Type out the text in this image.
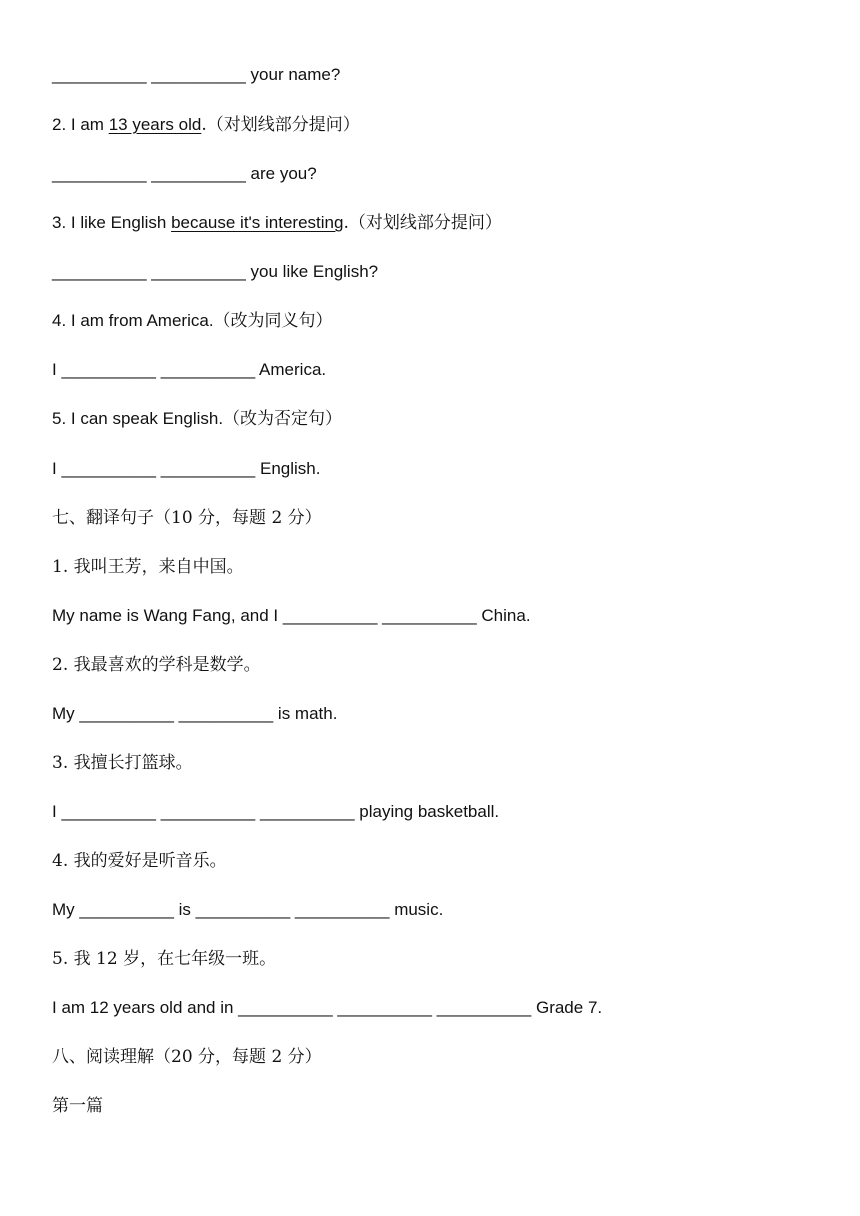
__________ __________ your name?
2. I am 13 years old.（对划线部分提问）
__________ __________ are you?
3. I like English because it's interesting.（对划线部分提问）
__________ __________ you like English?
4. I am from America.（改为同义句）
I __________ __________ America.
5. I can speak English.（改为否定句）
I __________ __________ English.
七、翻译句子（10 分，每题 2 分）
1. 我叫王芳，来自中国。
My name is Wang Fang, and I __________ __________ China.
2. 我最喜欢的学科是数学。
My __________ __________ is math.
3. 我擅长打篮球。
I __________ __________ __________ playing basketball.
4. 我的爱好是听音乐。
My __________ is __________ __________ music.
5. 我 12 岁，在七年级一班。
I am 12 years old and in __________ __________ __________ Grade 7.
八、阅读理解（20 分，每题 2 分）
第一篇
